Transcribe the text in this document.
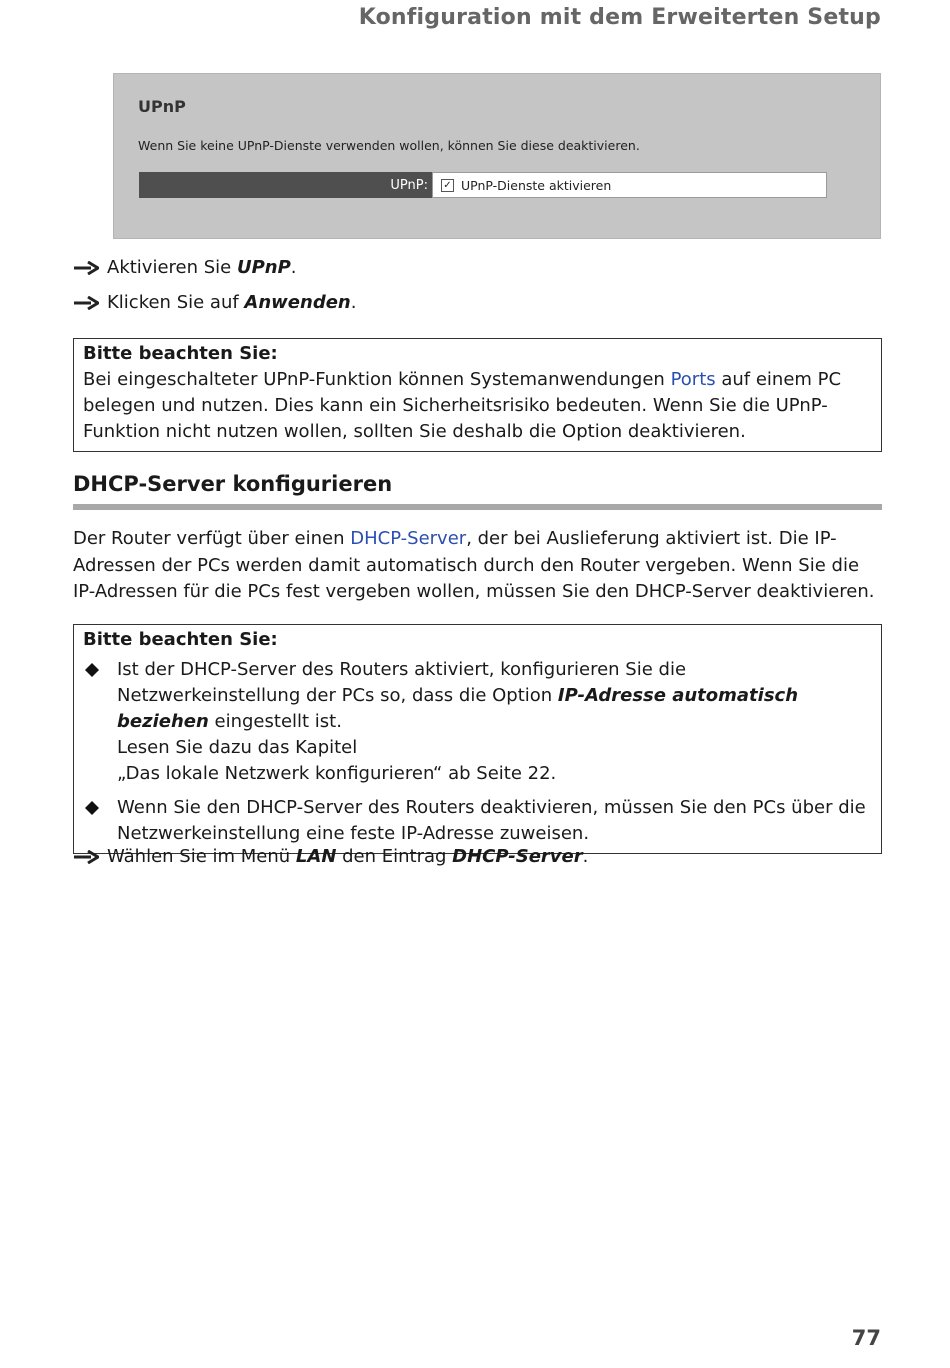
Konfiguration mit dem Erweiterten Setup
UPnP
Wenn Sie keine UPnP-Dienste verwenden wollen, können Sie diese deaktivieren.
UPnP:	✓ UPnP-Dienste aktivieren
Aktivieren Sie UPnP.
Klicken Sie auf Anwenden.
Bitte beachten Sie:
Bei eingeschalteter UPnP-Funktion können Systemanwendungen Ports auf einem PC belegen und nutzen. Dies kann ein Sicherheitsrisiko bedeuten. Wenn Sie die UPnP-Funktion nicht nutzen wollen, sollten Sie deshalb die Option deaktivieren.
DHCP-Server konfigurieren
Der Router verfügt über einen DHCP-Server, der bei Auslieferung aktiviert ist. Die IP-Adressen der PCs werden damit automatisch durch den Router vergeben. Wenn Sie die IP-Adressen für die PCs fest vergeben wollen, müssen Sie den DHCP-Server deaktivieren.
Bitte beachten Sie:
Ist der DHCP-Server des Routers aktiviert, konfigurieren Sie die Netzwerkeinstellung der PCs so, dass die Option IP-Adresse automatisch beziehen eingestellt ist.
Lesen Sie dazu das Kapitel
„Das lokale Netzwerk konfigurieren“ ab Seite 22.
Wenn Sie den DHCP-Server des Routers deaktivieren, müssen Sie den PCs über die Netzwerkeinstellung eine feste IP-Adresse zuweisen.
Wählen Sie im Menü LAN den Eintrag DHCP-Server.
77
